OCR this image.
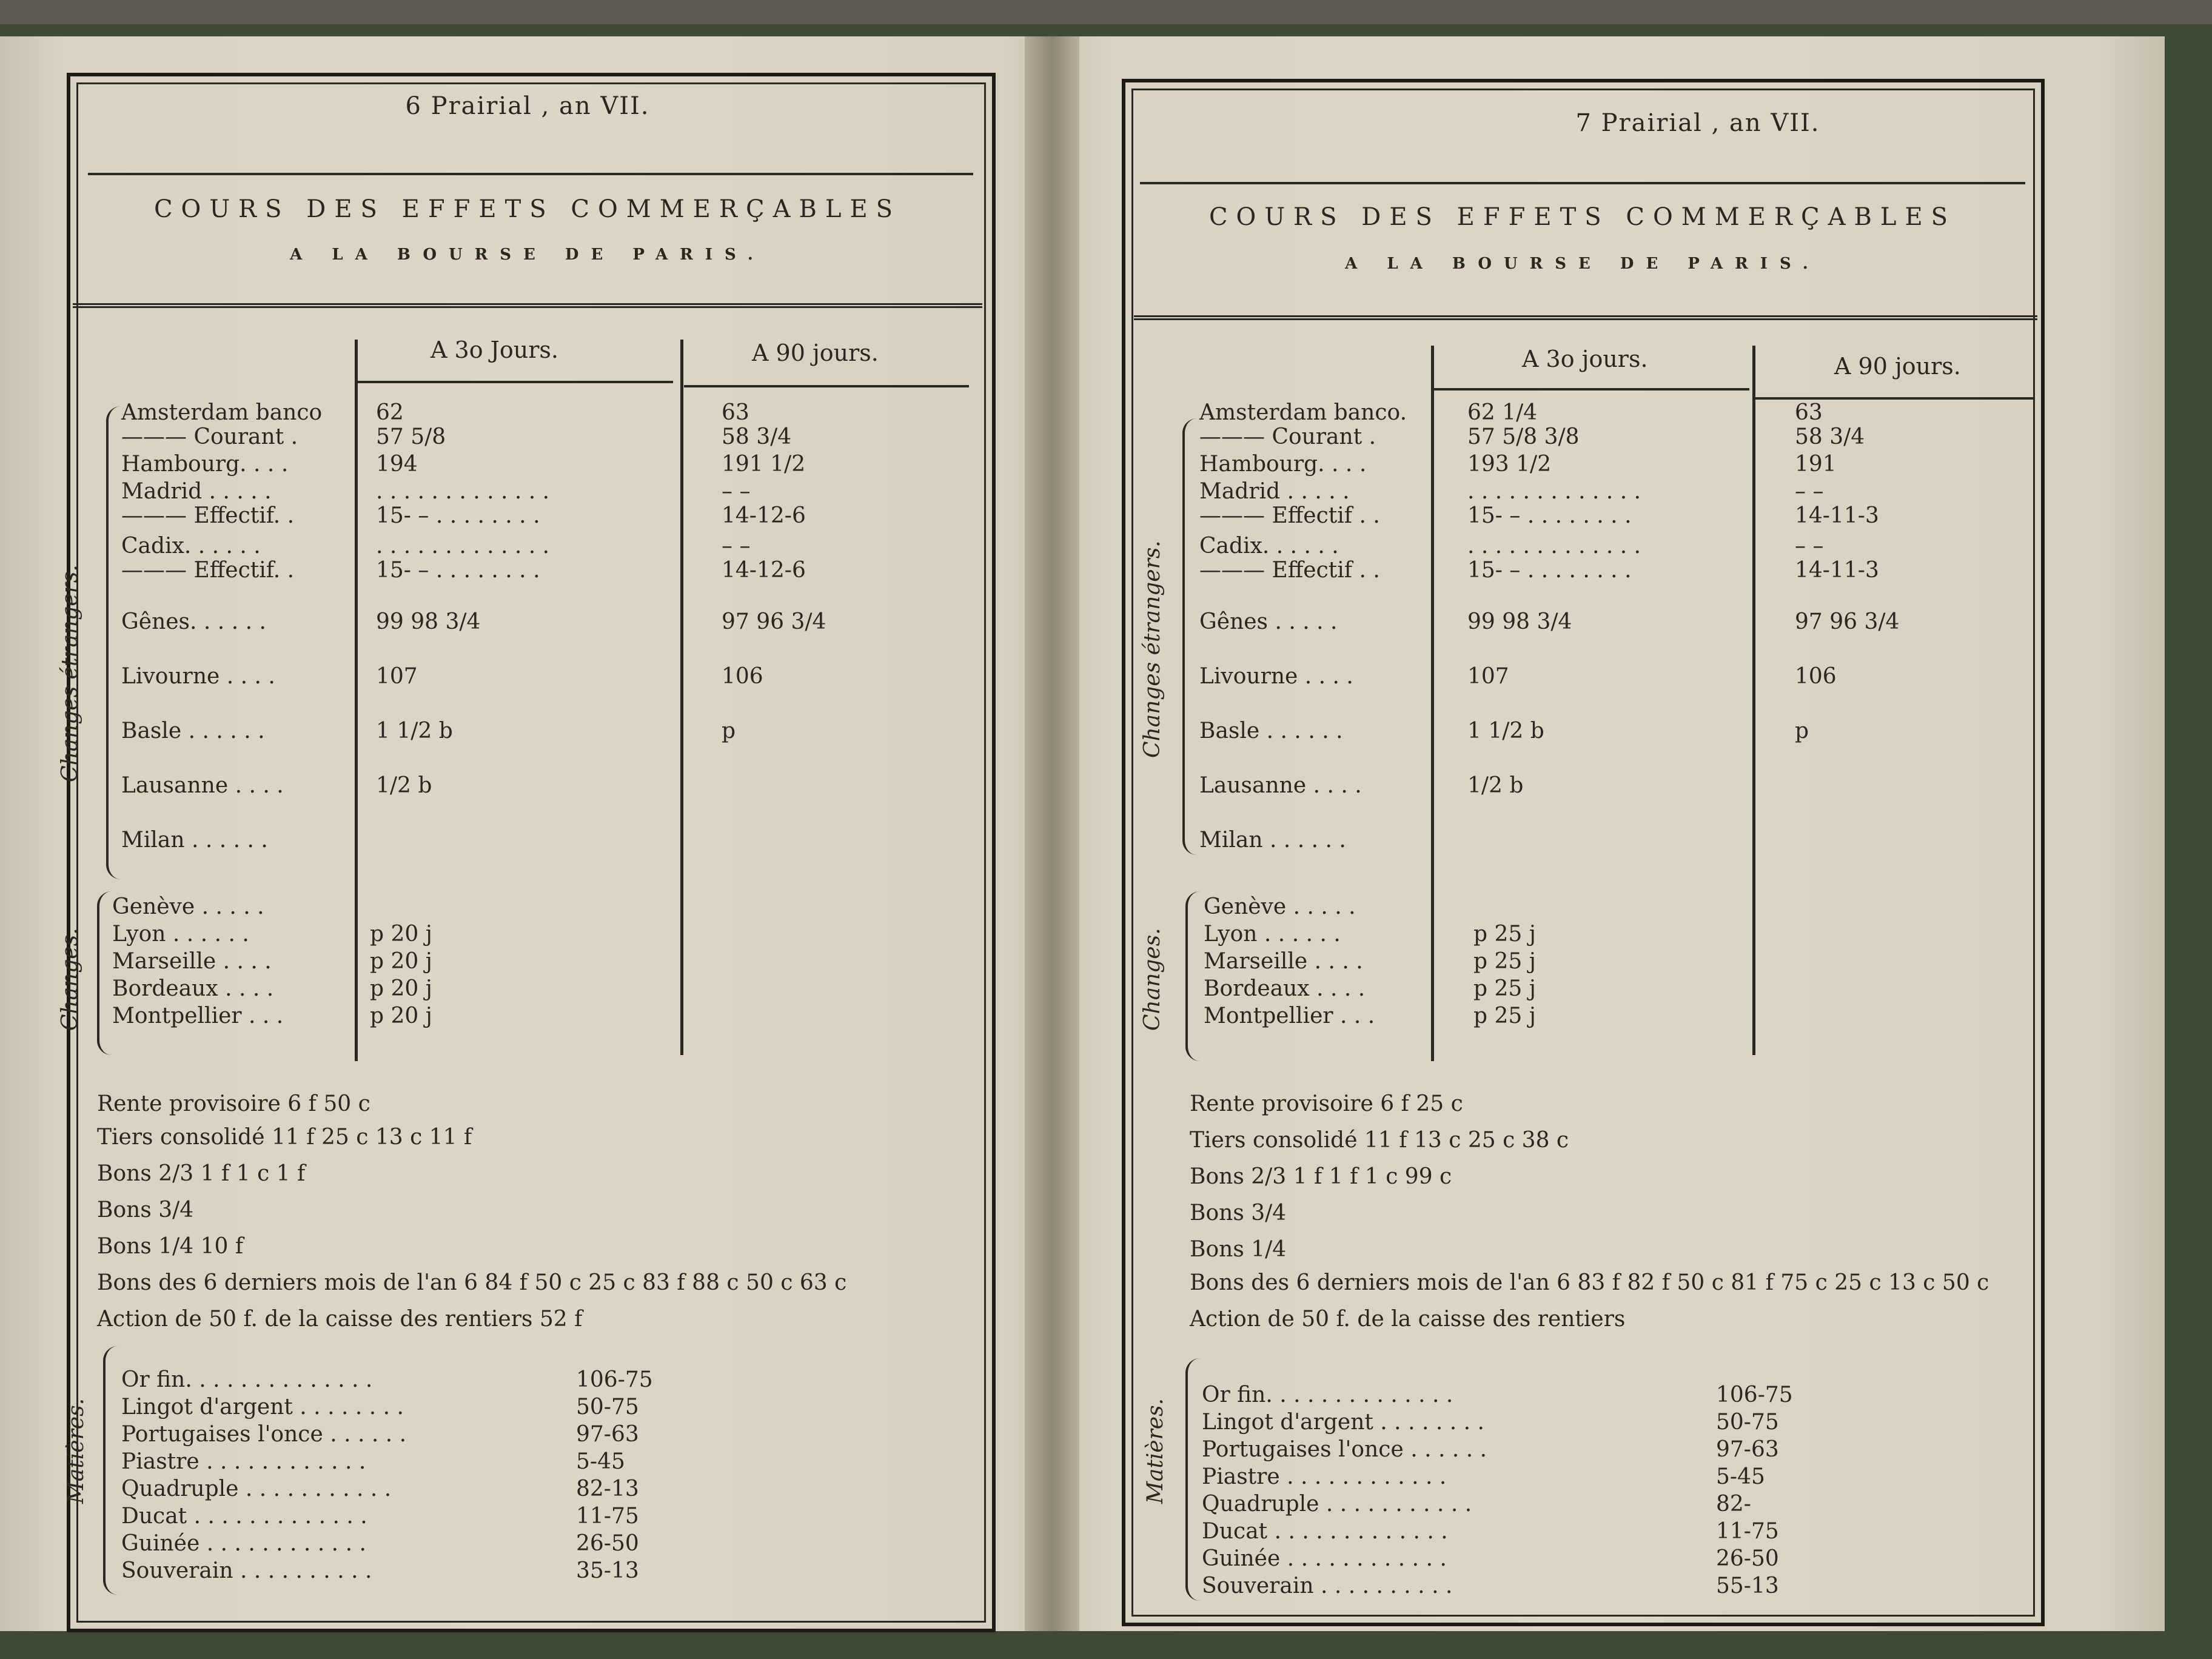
6 Prairial , an VII.
COURS DES EFFETS COMMERÇABLES
A LA BOURSE DE PARIS.
A 3o Jours.	A 90 jours.
Changes étrangers.
Changes.
Amsterdam banco 62	63
——— Courant .	57 5/8	58 3/4
Hambourg. . . .	194	191 1/2
Madrid . . . . .	. . . . . . . . . . . . .	– –
——— Effectif. .	15- – . . . . . . . .	14-12-6
Cadix. . . . . .	. . . . . . . . . . . . .	– –
——— Effectif. .	15- – . . . . . . . .	14-12-6
Gênes. . . . . .	99 98 3/4	97 96 3/4
Livourne . . . .	107	106
Basle . . . . . .	1 1/2 b	p
Lausanne . . . .	1/2 b
Milan . . . . . .
Genève . . . . .
Lyon . . . . . .	p 20 j
Marseille . . . .	p 20 j
Bordeaux . . . .	p 20 j
Montpellier . . .	p 20 j
Rente provisoire 6 f 50 c
Tiers consolidé 11 f 25 c 13 c 11 f
Bons 2/3 1 f 1 c 1 f
Bons 3/4
Bons 1/4 10 f
Bons des 6 derniers mois de l'an 6 84 f 50 c 25 c 83 f 88 c 50 c 63 c
Action de 50 f. de la caisse des rentiers 52 f
Matières.
Or fin. . . . . . . . . . . . . .	106-75
Lingot d'argent . . . . . . . .	50-75
Portugaises l'once . . . . . .	97-63
Piastre . . . . . . . . . . . .	5-45
Quadruple . . . . . . . . . . .	82-13
Ducat . . . . . . . . . . . . .	11-75
Guinée . . . . . . . . . . . .	26-50
Souverain . . . . . . . . . .	35-13
7 Prairial , an VII.
COURS DES EFFETS COMMERÇABLES
A LA BOURSE DE PARIS.
A 3o jours.	A 90 jours.
Changes étrangers.
Changes.
Amsterdam banco.	62 1/4	63
——— Courant .	57 5/8 3/8	58 3/4
Hambourg. . . .	193 1/2	191
Madrid . . . . .	. . . . . . . . . . . . .	– –
——— Effectif . .	15- – . . . . . . . .	14-11-3
Cadix. . . . . .	. . . . . . . . . . . . .	– –
——— Effectif . .	15- – . . . . . . . .	14-11-3
Gênes . . . . .	99 98 3/4	97 96 3/4
Livourne . . . .	107	106
Basle . . . . . .	1 1/2 b	p
Lausanne . . . .	1/2 b
Milan . . . . . .
Genève . . . . .
Lyon . . . . . .	p 25 j
Marseille . . . .	p 25 j
Bordeaux . . . .	p 25 j
Montpellier . . .	p 25 j
Rente provisoire 6 f 25 c
Tiers consolidé 11 f 13 c 25 c 38 c
Bons 2/3 1 f 1 f 1 c 99 c
Bons 3/4
Bons 1/4
Bons des 6 derniers mois de l'an 6 83 f 82 f 50 c 81 f 75 c 25 c 13 c 50 c
Action de 50 f. de la caisse des rentiers
Matières.
Or fin. . . . . . . . . . . . . .	106-75
Lingot d'argent . . . . . . . .	50-75
Portugaises l'once . . . . . .	97-63
Piastre . . . . . . . . . . . .	5-45
Quadruple . . . . . . . . . . .	82-
Ducat . . . . . . . . . . . . .	11-75
Guinée . . . . . . . . . . . .	26-50
Souverain . . . . . . . . . .	55-13
